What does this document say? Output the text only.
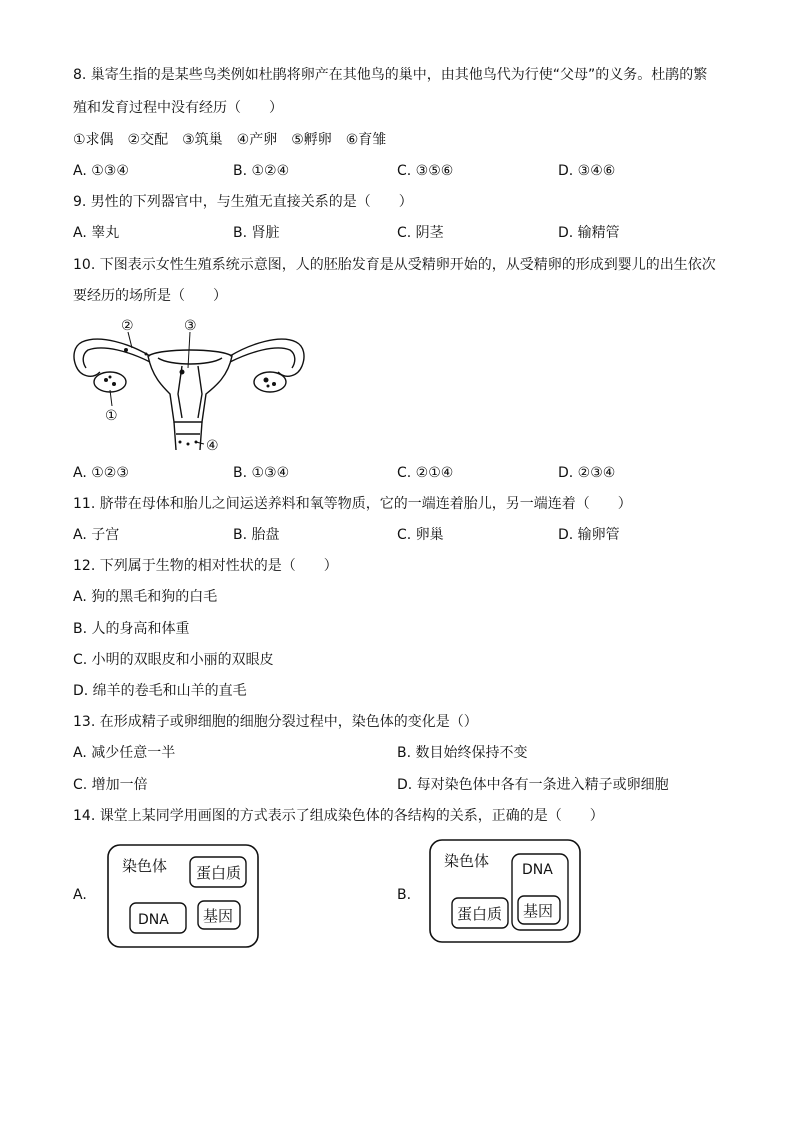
8. 巢寄生指的是某些鸟类例如杜鹃将卵产在其他鸟的巢中，由其他鸟代为行使“父母”的义务。杜鹃的繁
殖和发育过程中没有经历（　　）
①求偶　②交配　③筑巢　④产卵　⑤孵卵　⑥育雏
A. ①③④	B. ①②④	C. ③⑤⑥	D. ③④⑥
9. 男性的下列器官中，与生殖无直接关系的是（　　）
A. 睾丸	B. 肾脏	C. 阴茎	D. 输精管
10. 下图表示女性生殖系统示意图，人的胚胎发育是从受精卵开始的，从受精卵的形成到婴儿的出生依次
要经历的场所是（　　）
②	③
①
④
A. ①②③	B. ①③④	C. ②①④	D. ②③④
11. 脐带在母体和胎儿之间运送养料和氧等物质，它的一端连着胎儿，另一端连着（　　）
A. 子宫	B. 胎盘	C. 卵巢	D. 输卵管
12. 下列属于生物的相对性状的是（　　）
A. 狗的黑毛和狗的白毛
B. 人的身高和体重
C. 小明的双眼皮和小丽的双眼皮
D. 绵羊的卷毛和山羊的直毛
13. 在形成精子或卵细胞的细胞分裂过程中，染色体的变化是（）
A. 减少任意一半	B. 数目始终保持不变
C. 增加一倍	D. 每对染色体中各有一条进入精子或卵细胞
14. 课堂上某同学用画图的方式表示了组成染色体的各结构的关系，正确的是（　　）
A.
染色体 蛋白质
DNA 基因
B.
染色体 DNA
蛋白质 基因
